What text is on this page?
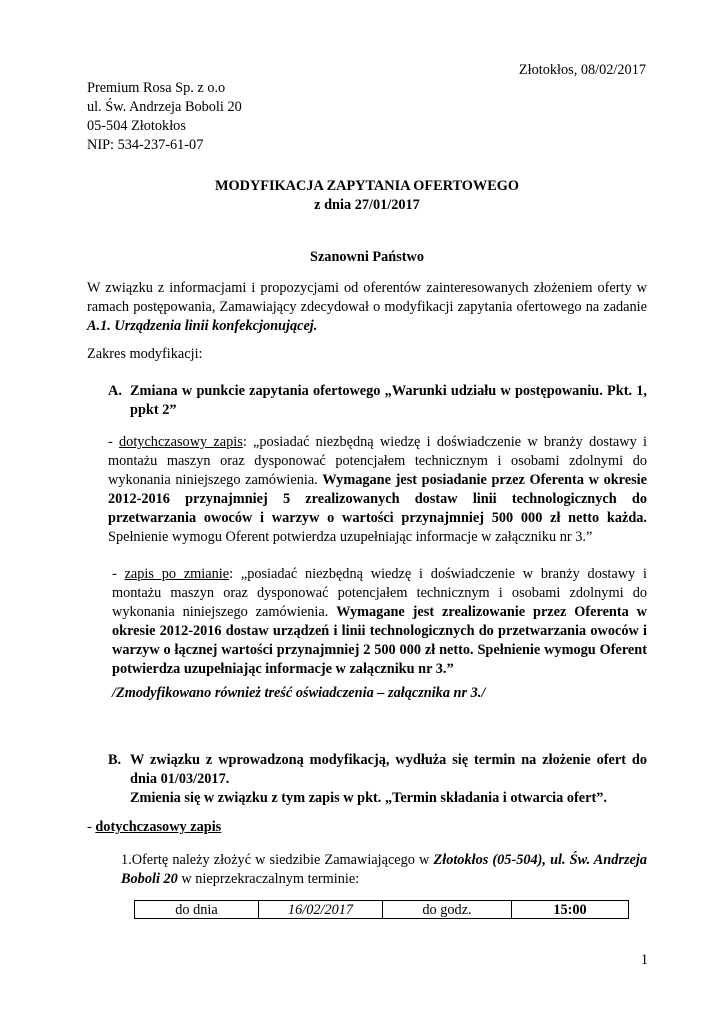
Złotokłos, 08/02/2017
Premium Rosa Sp. z o.o
ul. Św. Andrzeja Boboli 20
05-504 Złotokłos
NIP: 534-237-61-07
MODYFIKACJA ZAPYTANIA OFERTOWEGO
z dnia 27/01/2017
Szanowni Państwo
W związku z informacjami i propozycjami od oferentów zainteresowanych złożeniem oferty w ramach postępowania, Zamawiający zdecydował o modyfikacji zapytania ofertowego na zadanie A.1. Urządzenia linii konfekcjonującej.
Zakres modyfikacji:
A. Zmiana w punkcie zapytania ofertowego „Warunki udziału w postępowaniu. Pkt. 1, ppkt 2”
- dotychczasowy zapis: „posiadać niezbędną wiedzę i doświadczenie w branży dostawy i montażu maszyn oraz dysponować potencjałem technicznym i osobami zdolnymi do wykonania niniejszego zamówienia. Wymagane jest posiadanie przez Oferenta w okresie 2012-2016 przynajmniej 5 zrealizowanych dostaw linii technologicznych do przetwarzania owoców i warzyw o wartości przynajmniej 500 000 zł netto każda. Spełnienie wymogu Oferent potwierdza uzupełniając informacje w załączniku nr 3.”
- zapis po zmianie: „posiadać niezbędną wiedzę i doświadczenie w branży dostawy i montażu maszyn oraz dysponować potencjałem technicznym i osobami zdolnymi do wykonania niniejszego zamówienia. Wymagane jest zrealizowanie przez Oferenta w okresie 2012-2016 dostaw urządzeń i linii technologicznych do przetwarzania owoców i warzyw o łącznej wartości przynajmniej 2 500 000 zł netto. Spełnienie wymogu Oferent potwierdza uzupełniając informacje w załączniku nr 3.”
/Zmodyfikowano również treść oświadczenia – załącznika nr 3./
B. W związku z wprowadzoną modyfikacją, wydłuża się termin na złożenie ofert do dnia 01/03/2017.
Zmienia się w związku z tym zapis w pkt. „Termin składania i otwarcia ofert”.
- dotychczasowy zapis
1.Ofertę należy złożyć w siedzibie Zamawiającego w Złotokłos (05-504), ul. Św. Andrzeja Boboli 20 w nieprzekraczalnym terminie:
do dnia	16/02/2017	do godz.	15:00
1
